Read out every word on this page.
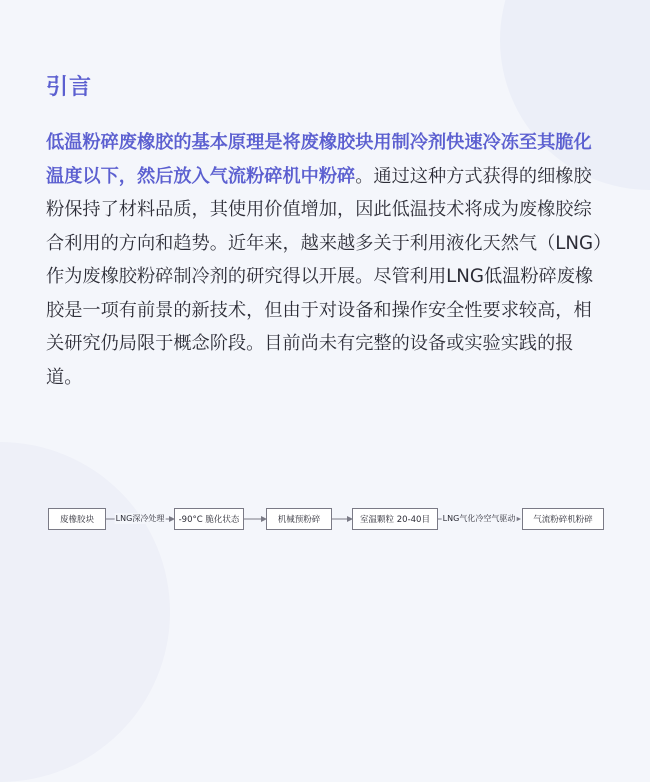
引言

低温粉碎废橡胶的基本原理是将废橡胶块用制冷剂快速冷冻至其脆化温度以下，然后放入气流粉碎机中粉碎。通过这种方式获得的细橡胶粉保持了材料品质，其使用价值增加，因此低温技术将成为废橡胶综合利用的方向和趋势。近年来，越来越多关于利用液化天然气（LNG）作为废橡胶粉碎制冷剂的研究得以开展。尽管利用LNG低温粉碎废橡胶是一项有前景的新技术，但由于对设备和操作安全性要求较高，相关研究仍局限于概念阶段。目前尚未有完整的设备或实验实践的报道。

废橡胶块	-90°C 脆化状态	机械预粉碎	室温颗粒 20-40目	气流粉碎机粉碎
LNG深冷处理	LNG气化冷空气驱动
